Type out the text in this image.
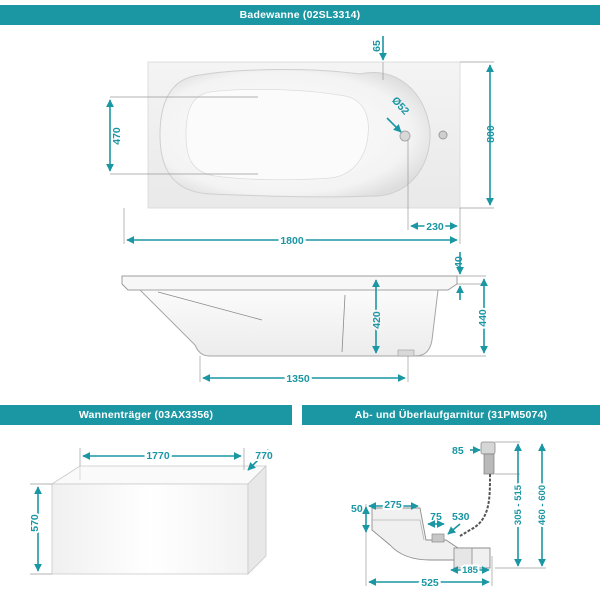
Badewanne (02SL3314)
Wannenträger (03AX3356)	Ab- und Überlaufgarnitur (31PM5074)
470	800
65
Ø52
230
1800
40
420	440
1350
1770	770
570
85
305 - 515 460 - 600
50 275
75 530
185
525
